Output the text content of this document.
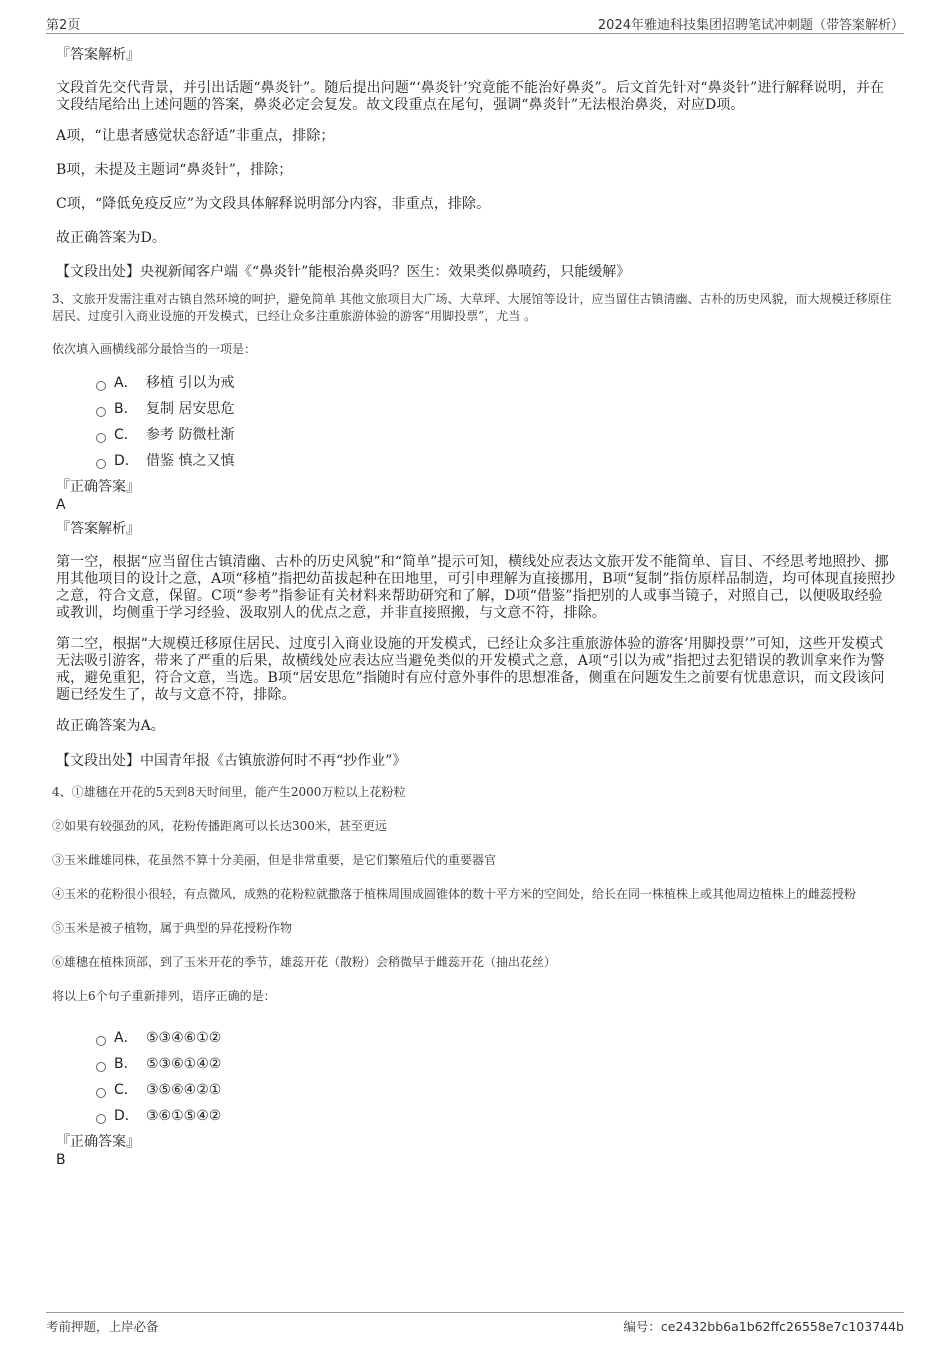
第2页	2024年雅迪科技集团招聘笔试冲刺题（带答案解析）
『答案解析』
文段首先交代背景，并引出话题“鼻炎针”。随后提出问题“‘鼻炎针’究竟能不能治好鼻炎”。后文首先针对“鼻炎针”进行解释说明，并在文段结尾给出上述问题的答案，鼻炎必定会复发。故文段重点在尾句，强调“鼻炎针”无法根治鼻炎，对应D项。
A项，“让患者感觉状态舒适”非重点，排除；
B项，未提及主题词“鼻炎针”，排除；
C项，“降低免疫反应”为文段具体解释说明部分内容，非重点，排除。
故正确答案为D。
【文段出处】央视新闻客户端《“鼻炎针”能根治鼻炎吗？医生：效果类似鼻喷药，只能缓解》
3、文旅开发需注重对古镇自然环境的呵护，避免简单 其他文旅项目大广场、大草坪、大展馆等设计，应当留住古镇清幽、古朴的历史风貌，而大规模迁移原住居民、过度引入商业设施的开发模式，已经让众多注重旅游体验的游客“用脚投票”，尤当 。
依次填入画横线部分最恰当的一项是：
A． 移植 引以为戒
B． 复制 居安思危
C． 参考 防微杜渐
D． 借鉴 慎之又慎
『正确答案』
A
『答案解析』
第一空，根据“应当留住古镇清幽、古朴的历史风貌”和“简单”提示可知，横线处应表达文旅开发不能简单、盲目、不经思考地照抄、挪用其他项目的设计之意，A项“移植”指把幼苗拔起种在田地里，可引申理解为直接挪用，B项“复制”指仿原样品制造，均可体现直接照抄之意，符合文意，保留。C项“参考”指参证有关材料来帮助研究和了解，D项“借鉴”指把别的人或事当镜子，对照自己，以便吸取经验或教训，均侧重于学习经验、汲取别人的优点之意，并非直接照搬，与文意不符，排除。
第二空，根据“大规模迁移原住居民、过度引入商业设施的开发模式，已经让众多注重旅游体验的游客‘用脚投票’”可知，这些开发模式无法吸引游客，带来了严重的后果，故横线处应表达应当避免类似的开发模式之意，A项“引以为戒”指把过去犯错误的教训拿来作为警戒，避免重犯，符合文意，当选。B项“居安思危”指随时有应付意外事件的思想准备，侧重在问题发生之前要有忧患意识，而文段该问题已经发生了，故与文意不符，排除。
故正确答案为A。
【文段出处】中国青年报《古镇旅游何时不再“抄作业”》
4、①雄穗在开花的5天到8天时间里，能产生2000万粒以上花粉粒
②如果有较强劲的风，花粉传播距离可以长达300米，甚至更远
③玉米雌雄同株，花虽然不算十分美丽，但是非常重要，是它们繁殖后代的重要器官
④玉米的花粉很小很轻，有点微风，成熟的花粉粒就撒落于植株周围成圆锥体的数十平方米的空间处，给长在同一株植株上或其他周边植株上的雌蕊授粉
⑤玉米是被子植物，属于典型的异花授粉作物
⑥雄穗在植株顶部，到了玉米开花的季节，雄蕊开花（散粉）会稍微早于雌蕊开花（抽出花丝）
将以上6个句子重新排列，语序正确的是：
A． ⑤③④⑥①②
B． ⑤③⑥①④②
C． ③⑤⑥④②①
D． ③⑥①⑤④②
『正确答案』
B
考前押题，上岸必备	编号：ce2432bb6a1b62ffc26558e7c103744b
